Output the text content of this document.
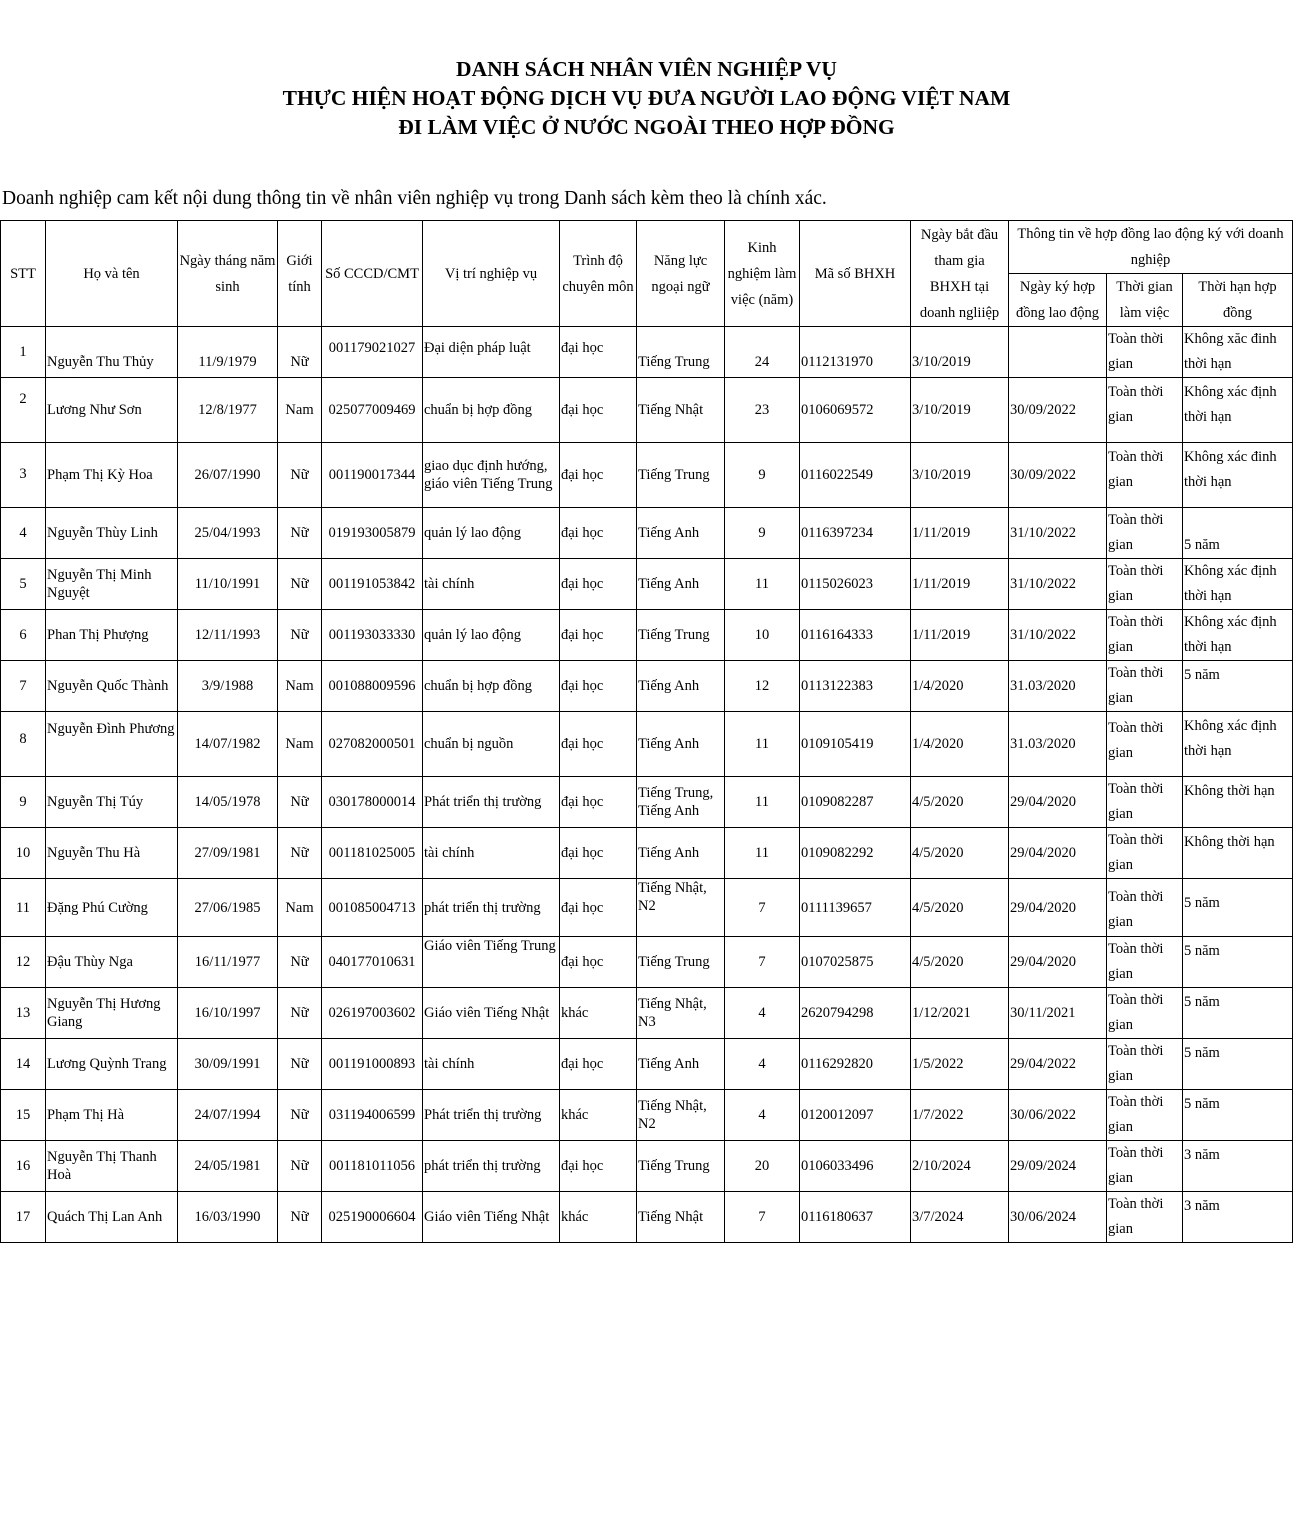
DANH SÁCH NHÂN VIÊN NGHIỆP VỤ
THỰC HIỆN HOẠT ĐỘNG DỊCH VỤ ĐƯA NGƯỜI LAO ĐỘNG VIỆT NAM
ĐI LÀM VIỆC Ở NƯỚC NGOÀI THEO HỢP ĐỒNG
Doanh nghiệp cam kết nội dung thông tin về nhân viên nghiệp vụ trong Danh sách kèm theo là chính xác.
STT	Họ và tên	Ngày tháng năm sinh	Giới tính	Số CCCD/CMT	Vị trí nghiệp vụ	Trình độ chuyên môn	Năng lực ngoại ngữ	Kinh nghiệm làm việc (năm)	Mã số BHXH	Ngày bắt đầu tham gia BHXH tại doanh ngliiệp	Thông tin về hợp đồng lao động ký với doanh nghiệp		
											Ngày ký hợp đồng lao động	Thời gian làm việc	Thời hạn hợp đồng
1	Nguyễn Thu Thủy	11/9/1979	Nữ	001179021027	Đại diện pháp luật	đại học	Tiếng Trung	24	0112131970	3/10/2019		Toàn thời gian	Không xăc đinh thời hạn
2	Lương Như Sơn	12/8/1977	Nam	025077009469	chuẩn bị hợp đồng	đại học	Tiếng Nhật	23	0106069572	3/10/2019	30/09/2022	Toàn thời gian	Không xác định thời hạn
3	Phạm Thị Kỳ Hoa	26/07/1990	Nữ	001190017344	giao dục định hướng, giáo viên Tiếng Trung	đại học	Tiếng Trung	9	0116022549	3/10/2019	30/09/2022	Toàn thời gian	Không xác đinh thời hạn
4	Nguyễn Thùy Linh	25/04/1993	Nữ	019193005879	quản lý lao động	đại học	Tiếng Anh	9	0116397234	1/11/2019	31/10/2022	Toàn thời gian	5 năm
5	Nguyễn Thị Minh Nguyệt	11/10/1991	Nữ	001191053842	tài chính	đại học	Tiếng Anh	11	0115026023	1/11/2019	31/10/2022	Toàn thời gian	Không xác định thời hạn
6	Phan Thị Phượng	12/11/1993	Nữ	001193033330	quản lý lao động	đại học	Tiếng Trung	10	0116164333	1/11/2019	31/10/2022	Toàn thời gian	Không xác định thời hạn
7	Nguyễn Quốc Thành	3/9/1988	Nam	001088009596	chuẩn bị hợp đồng	đại học	Tiếng Anh	12	0113122383	1/4/2020	31.03/2020	Toàn thời gian	5 năm
8	Nguyễn Đình Phương	14/07/1982	Nam	027082000501	chuẩn bị nguồn	đại học	Tiếng Anh	11	0109105419	1/4/2020	31.03/2020	Toàn thời gian	Không xác định thời hạn
9	Nguyễn Thị Túy	14/05/1978	Nữ	030178000014	Phát triển thị trường	đại học	Tiếng Trung, Tiếng Anh	11	0109082287	4/5/2020	29/04/2020	Toàn thời gian	Không thời hạn
10	Nguyễn Thu Hà	27/09/1981	Nữ	001181025005	tài chính	đại học	Tiếng Anh	11	0109082292	4/5/2020	29/04/2020	Toàn thời gian	Không thời hạn
11	Đặng Phú Cường	27/06/1985	Nam	001085004713	phát triển thị trường	đại học	Tiếng Nhật, N2	7	0111139657	4/5/2020	29/04/2020	Toàn thời gian	5 năm
12	Đậu Thùy Nga	16/11/1977	Nữ	040177010631	Giáo viên Tiếng Trung	đại học	Tiếng Trung	7	0107025875	4/5/2020	29/04/2020	Toàn thời gian	5 năm
13	Nguyễn Thị Hương Giang	16/10/1997	Nữ	026197003602	Giáo viên Tiếng Nhật	khác	Tiếng Nhật, N3	4	2620794298	1/12/2021	30/11/2021	Toàn thời gian	5 năm
14	Lương Quỳnh Trang	30/09/1991	Nữ	001191000893	tài chính	đại học	Tiếng Anh	4	0116292820	1/5/2022	29/04/2022	Toàn thời gian	5 năm
15	Phạm Thị Hà	24/07/1994	Nữ	031194006599	Phát triển thị trường	khác	Tiếng Nhật, N2	4	0120012097	1/7/2022	30/06/2022	Toàn thời gian	5 năm
16	Nguyễn Thị Thanh Hoà	24/05/1981	Nữ	001181011056	phát triển thị trường	đại học	Tiếng Trung	20	0106033496	2/10/2024	29/09/2024	Toàn thời gian	3 năm
17	Quách Thị Lan Anh	16/03/1990	Nữ	025190006604	Giáo viên Tiếng Nhật	khác	Tiếng Nhật	7	0116180637	3/7/2024	30/06/2024	Toàn thời gian	3 năm
